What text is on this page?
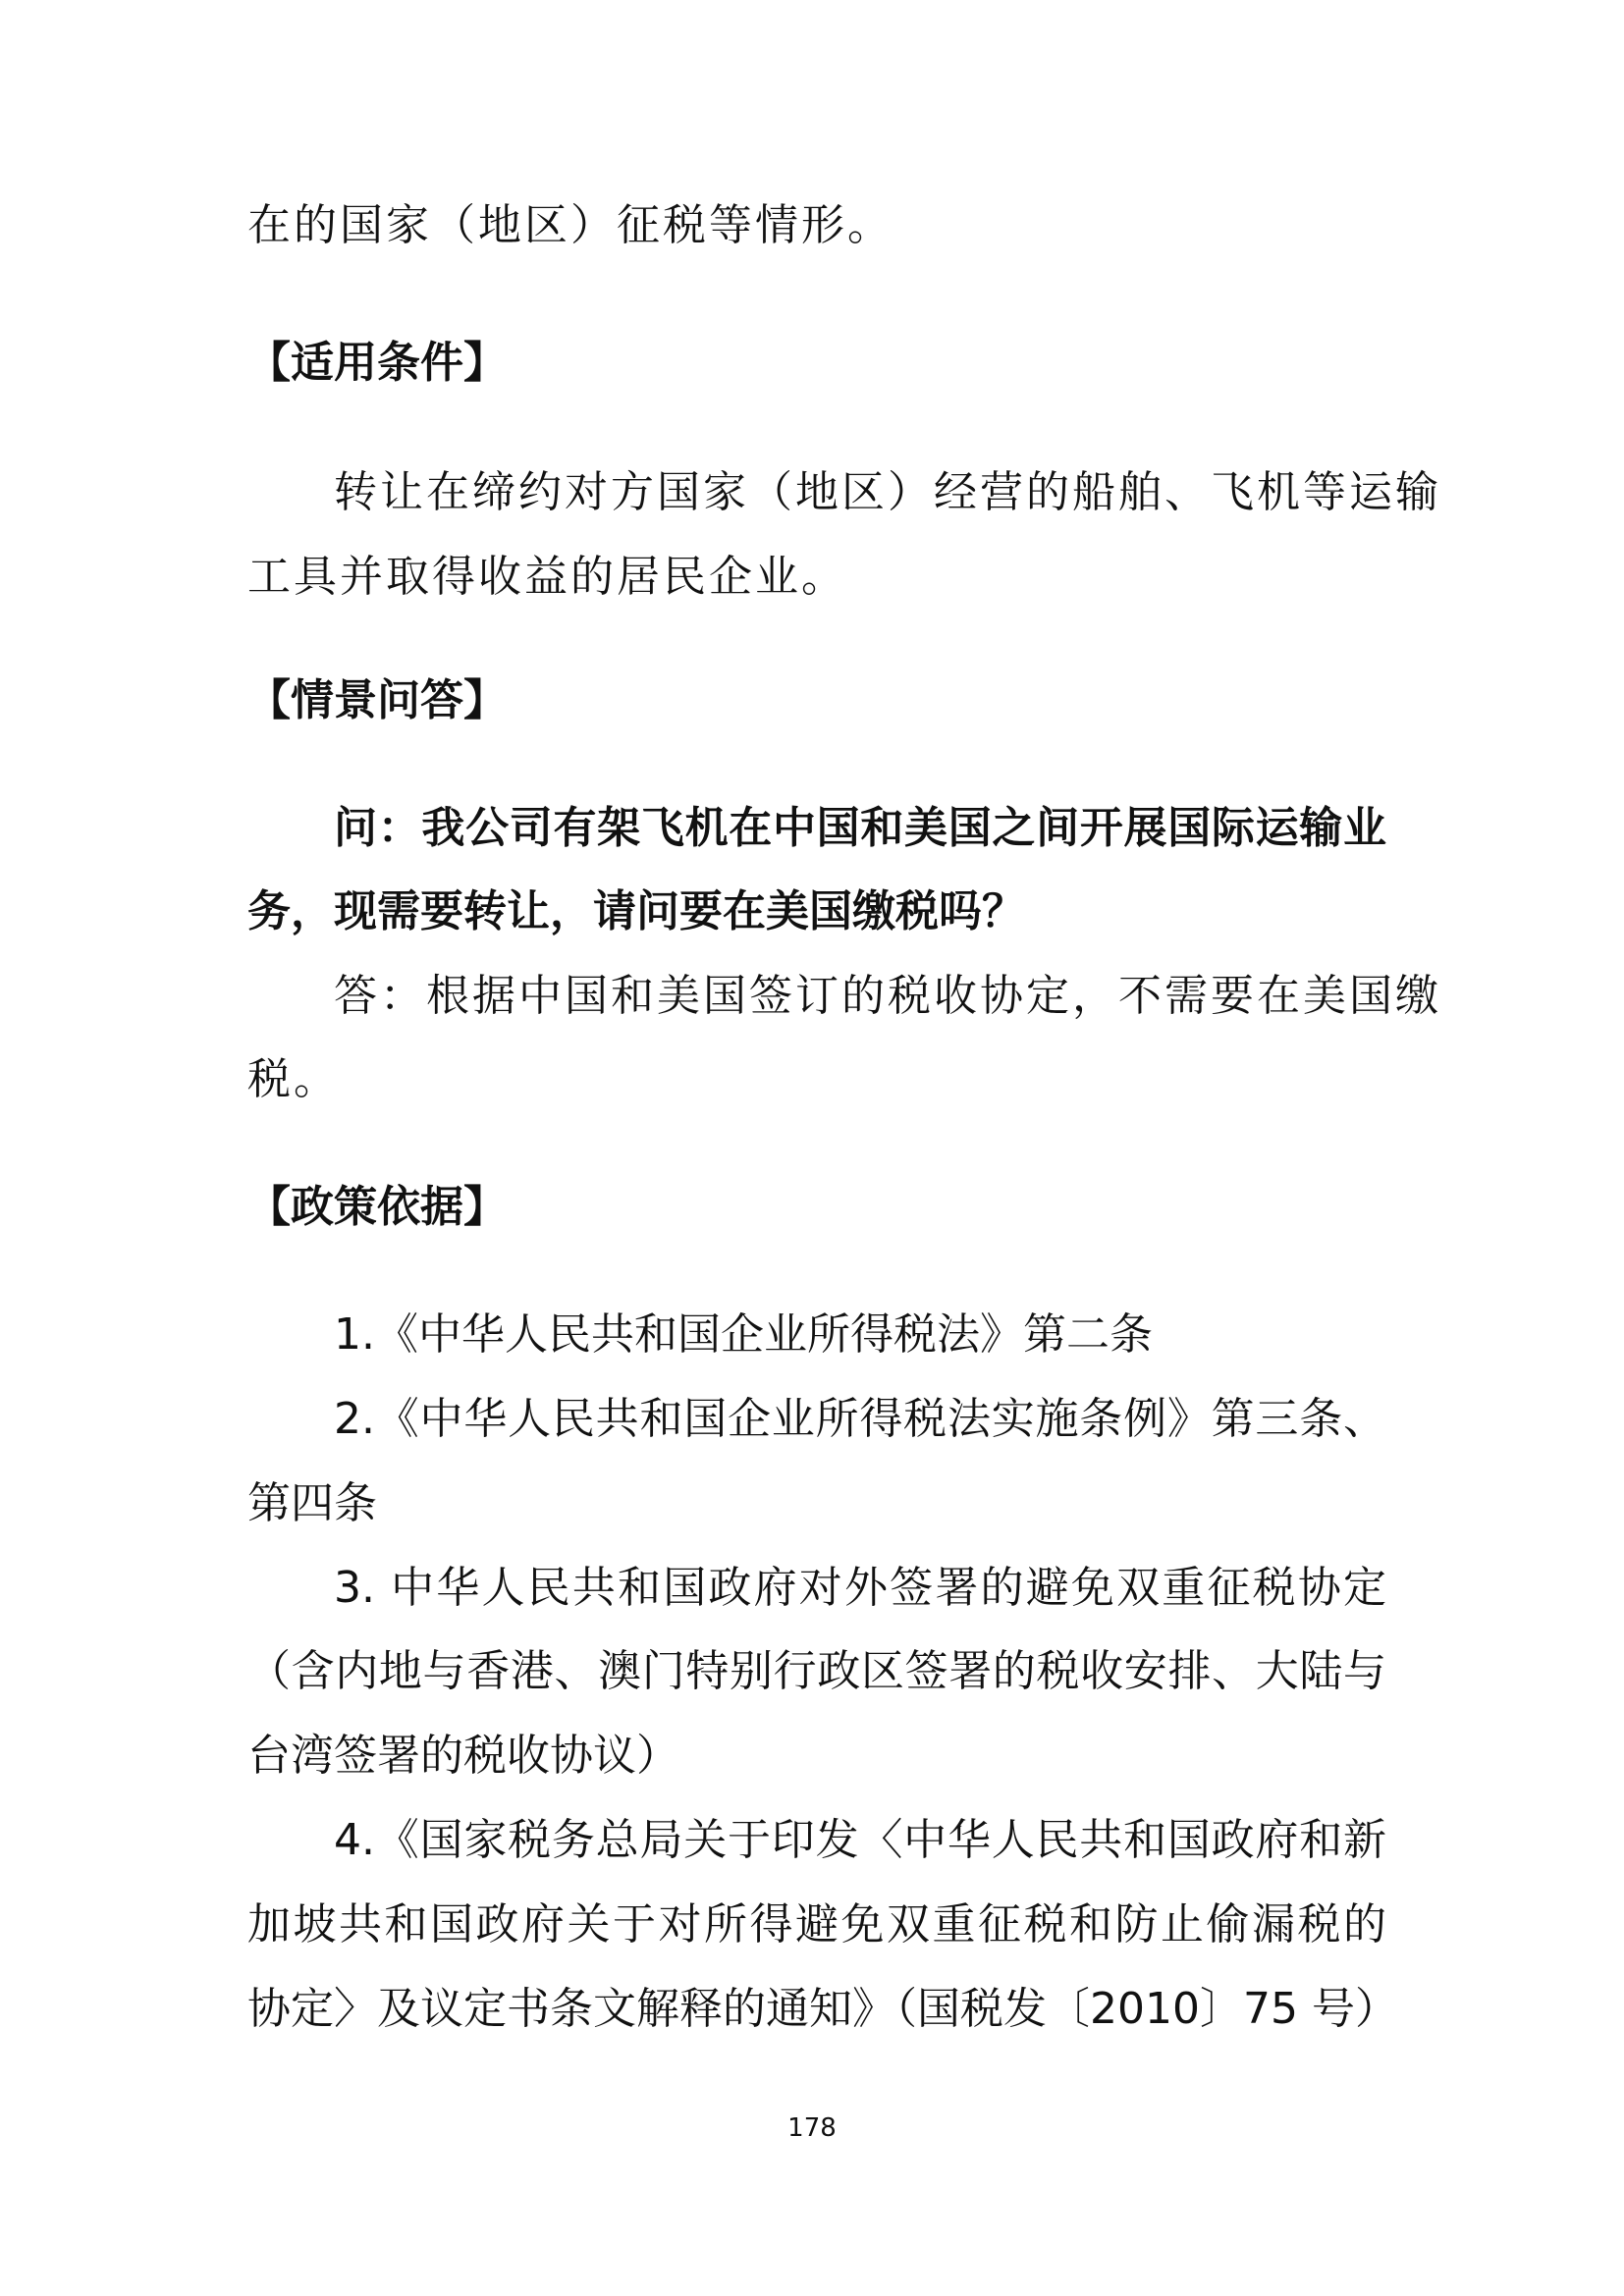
在的国家（地区）征税等情形。

【适用条件】

转让在缔约对方国家（地区）经营的船舶、飞机等运输

工具并取得收益的居民企业。

【情景问答】

问：我公司有架飞机在中国和美国之间开展国际运输业

务，现需要转让，请问要在美国缴税吗？

答：根据中国和美国签订的税收协定，不需要在美国缴

税。

【政策依据】

1.《中华人民共和国企业所得税法》第二条

2.《中华人民共和国企业所得税法实施条例》第三条、

第四条

3. 中华人民共和国政府对外签署的避免双重征税协定

（含内地与香港、澳门特别行政区签署的税收安排、大陆与

台湾签署的税收协议）

4.《国家税务总局关于印发〈中华人民共和国政府和新

加坡共和国政府关于对所得避免双重征税和防止偷漏税的

协定〉及议定书条文解释的通知》（国税发〔2010〕75 号）

178
